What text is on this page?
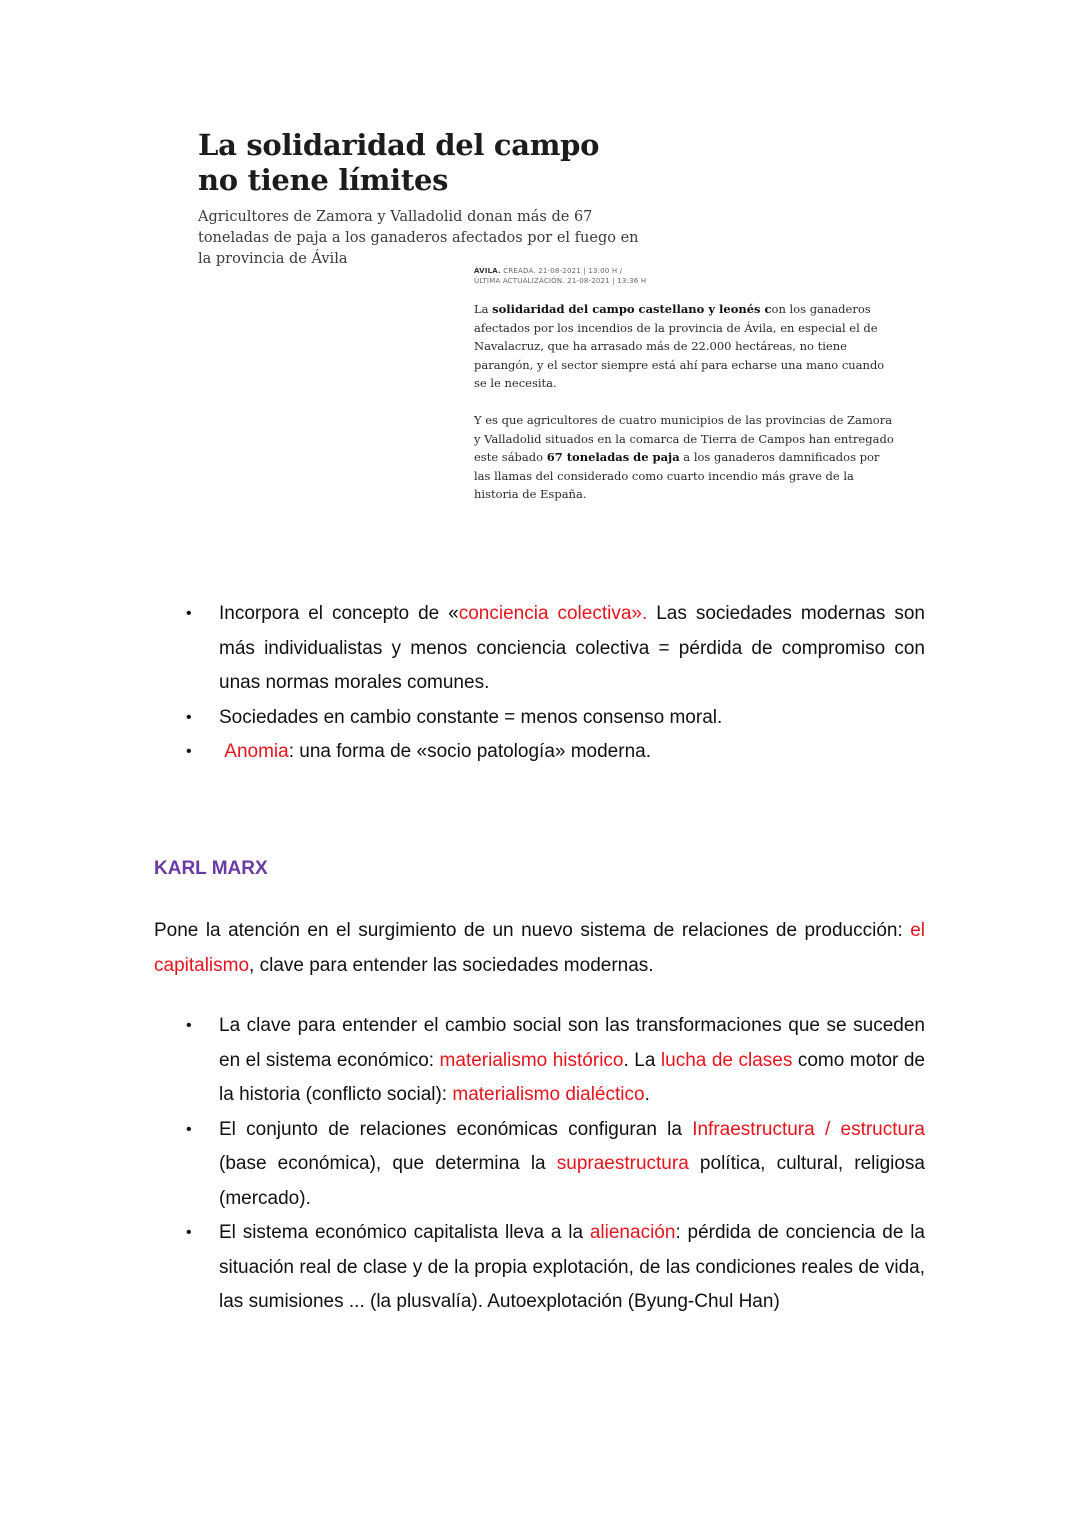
La solidaridad del campo no tiene límites

Agricultores de Zamora y Valladolid donan más de 67 toneladas de paja a los ganaderos afectados por el fuego en la provincia de Ávila

ÁVILA. CREADA. 21-08-2021 | 13:00 H /
ÚLTIMA ACTUALIZACIÓN. 21-08-2021 | 13:36 H

La solidaridad del campo castellano y leonés con los ganaderos afectados por los incendios de la provincia de Ávila, en especial el de Navalacruz, que ha arrasado más de 22.000 hectáreas, no tiene parangón, y el sector siempre está ahí para echarse una mano cuando se le necesita.

Y es que agricultores de cuatro municipios de las provincias de Zamora y Valladolid situados en la comarca de Tierra de Campos han entregado este sábado 67 toneladas de paja a los ganaderos damnificados por las llamas del considerado como cuarto incendio más grave de la historia de España.

• Incorpora el concepto de «conciencia colectiva». Las sociedades modernas son más individualistas y menos conciencia colectiva = pérdida de compromiso con unas normas morales comunes.
• Sociedades en cambio constante = menos consenso moral.
• Anomia: una forma de «socio patología» moderna.
KARL MARX

Pone la atención en el surgimiento de un nuevo sistema de relaciones de producción: el capitalismo, clave para entender las sociedades modernas.

• La clave para entender el cambio social son las transformaciones que se suceden en el sistema económico: materialismo histórico. La lucha de clases como motor de la historia (conflicto social): materialismo dialéctico.
• El conjunto de relaciones económicas configuran la Infraestructura / estructura (base económica), que determina la supraestructura política, cultural, religiosa (mercado).
• El sistema económico capitalista lleva a la alienación: pérdida de conciencia de la situación real de clase y de la propia explotación, de las condiciones reales de vida, las sumisiones ... (la plusvalía). Autoexplotación (Byung-Chul Han)
